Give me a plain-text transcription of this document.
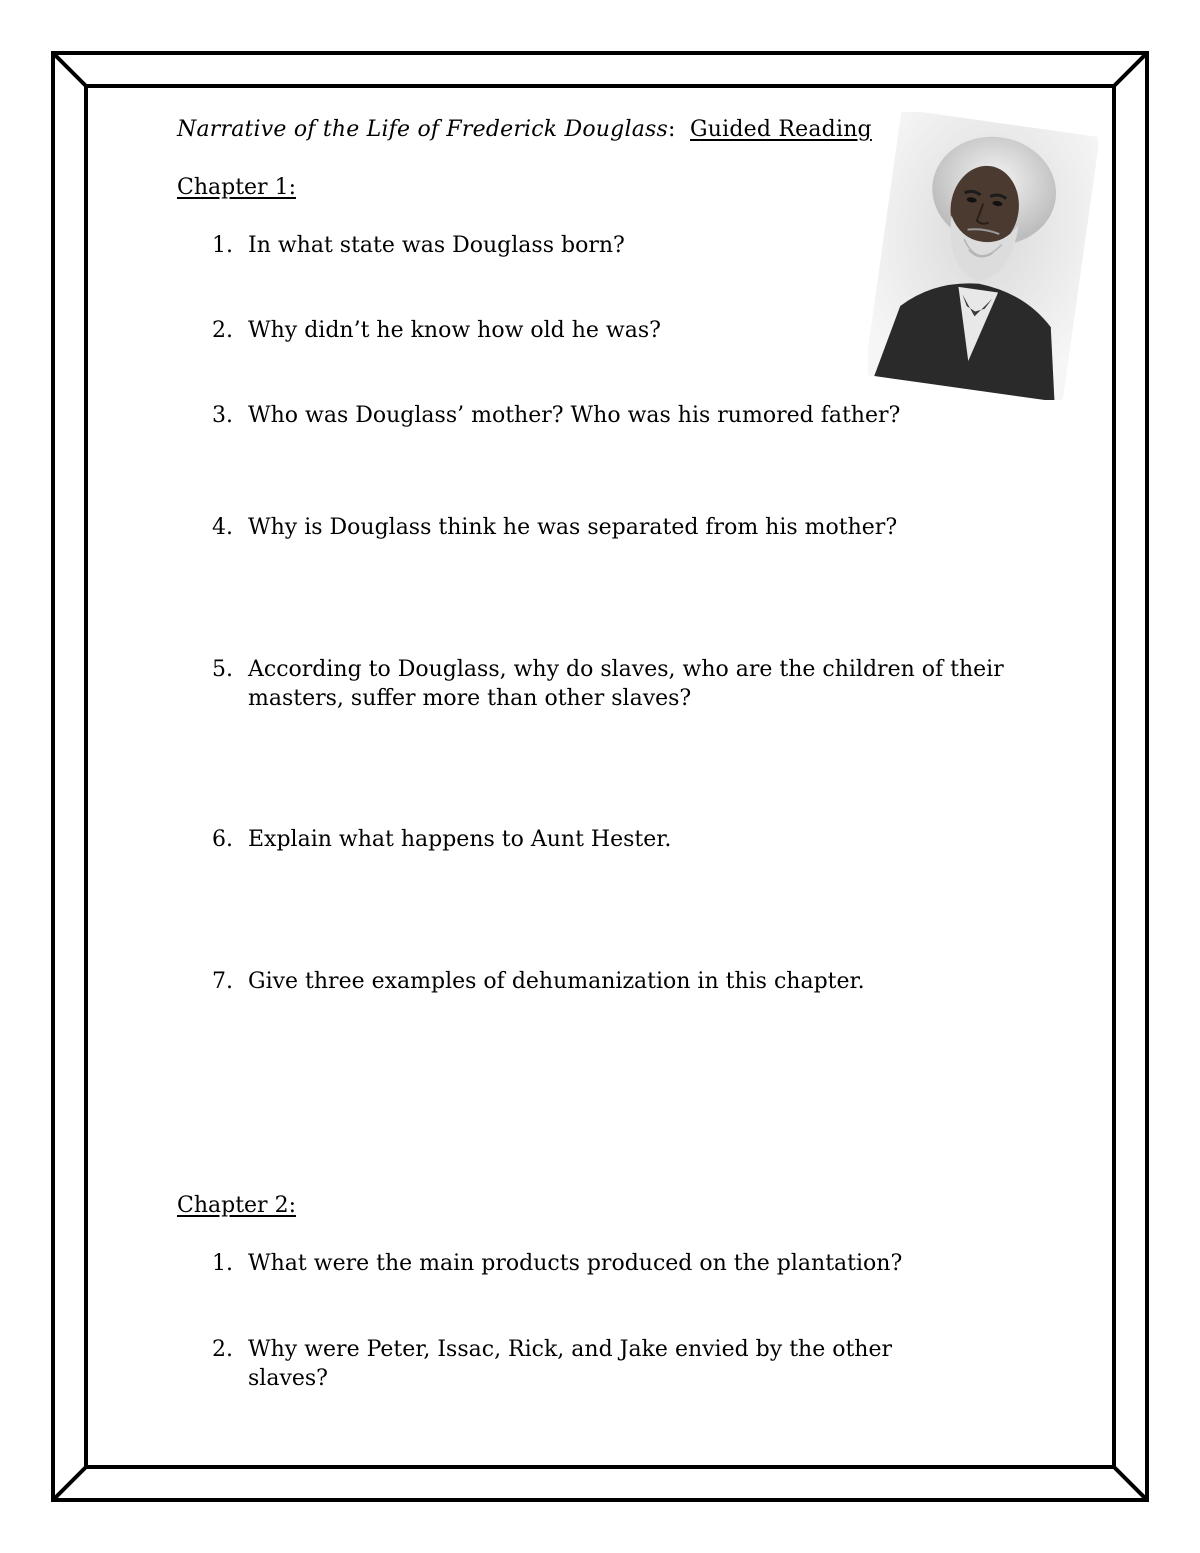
Narrative of the Life of Frederick Douglass: Guided Reading
Chapter 1:
1. In what state was Douglass born?
2. Why didn’t he know how old he was?
3. Who was Douglass’ mother? Who was his rumored father?
4. Why is Douglass think he was separated from his mother?
5. According to Douglass, why do slaves, who are the children of their masters, suffer more than other slaves?
6. Explain what happens to Aunt Hester.
7. Give three examples of dehumanization in this chapter.
Chapter 2:
1. What were the main products produced on the plantation?
2. Why were Peter, Issac, Rick, and Jake envied by the other slaves?
